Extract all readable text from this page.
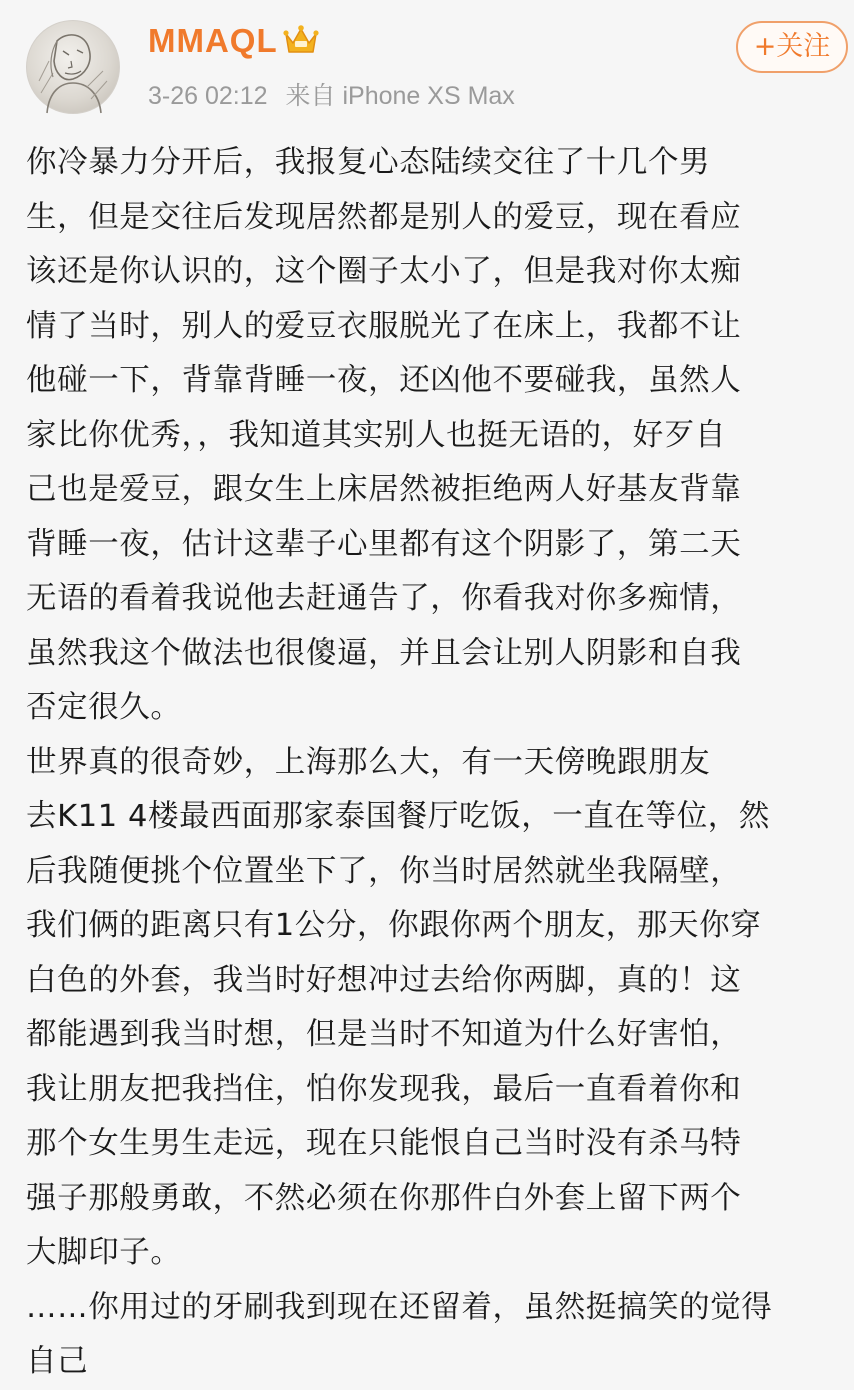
MMAQL
3-26 02:12 来自 iPhone XS Max
+关注
你冷暴力分开后，我报复心态陆续交往了十几个男
生，但是交往后发现居然都是别人的爱豆，现在看应
该还是你认识的，这个圈子太小了，但是我对你太痴
情了当时，别人的爱豆衣服脱光了在床上，我都不让
他碰一下，背靠背睡一夜，还凶他不要碰我，虽然人
家比你优秀，，我知道其实别人也挺无语的，好歹自
己也是爱豆，跟女生上床居然被拒绝两人好基友背靠
背睡一夜，估计这辈子心里都有这个阴影了，第二天
无语的看着我说他去赶通告了，你看我对你多痴情，
虽然我这个做法也很傻逼，并且会让别人阴影和自我
否定很久。
世界真的很奇妙，上海那么大，有一天傍晚跟朋友
去K11 4楼最西面那家泰国餐厅吃饭，一直在等位，然
后我随便挑个位置坐下了，你当时居然就坐我隔壁，
我们俩的距离只有1公分，你跟你两个朋友，那天你穿
白色的外套，我当时好想冲过去给你两脚，真的！这
都能遇到我当时想，但是当时不知道为什么好害怕，
我让朋友把我挡住，怕你发现我，最后一直看着你和
那个女生男生走远，现在只能恨自己当时没有杀马特
强子那般勇敢，不然必须在你那件白外套上留下两个
大脚印子。
……你用过的牙刷我到现在还留着，虽然挺搞笑的觉得
自己
